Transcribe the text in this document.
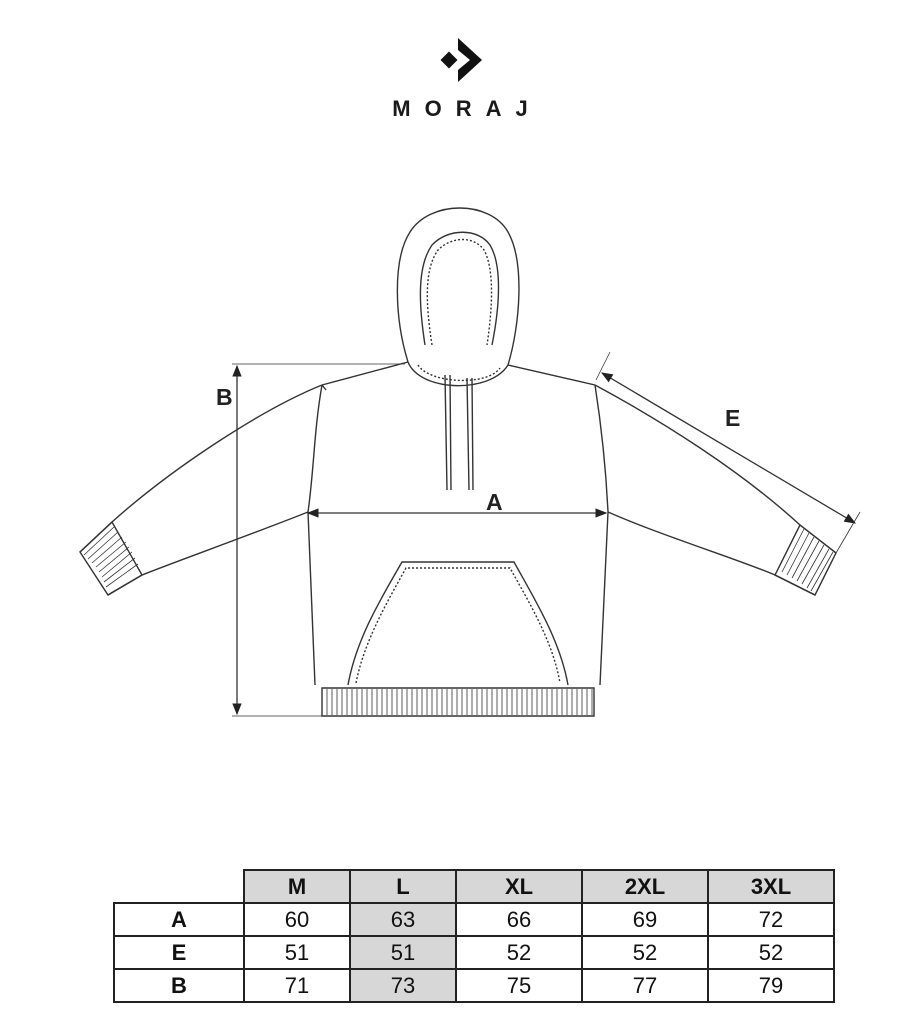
MORAJ
A
B
E
	M	L	XL	2XL	3XL
A	60	63	66	69	72
E	51	51	52	52	52
B	71	73	75	77	79
